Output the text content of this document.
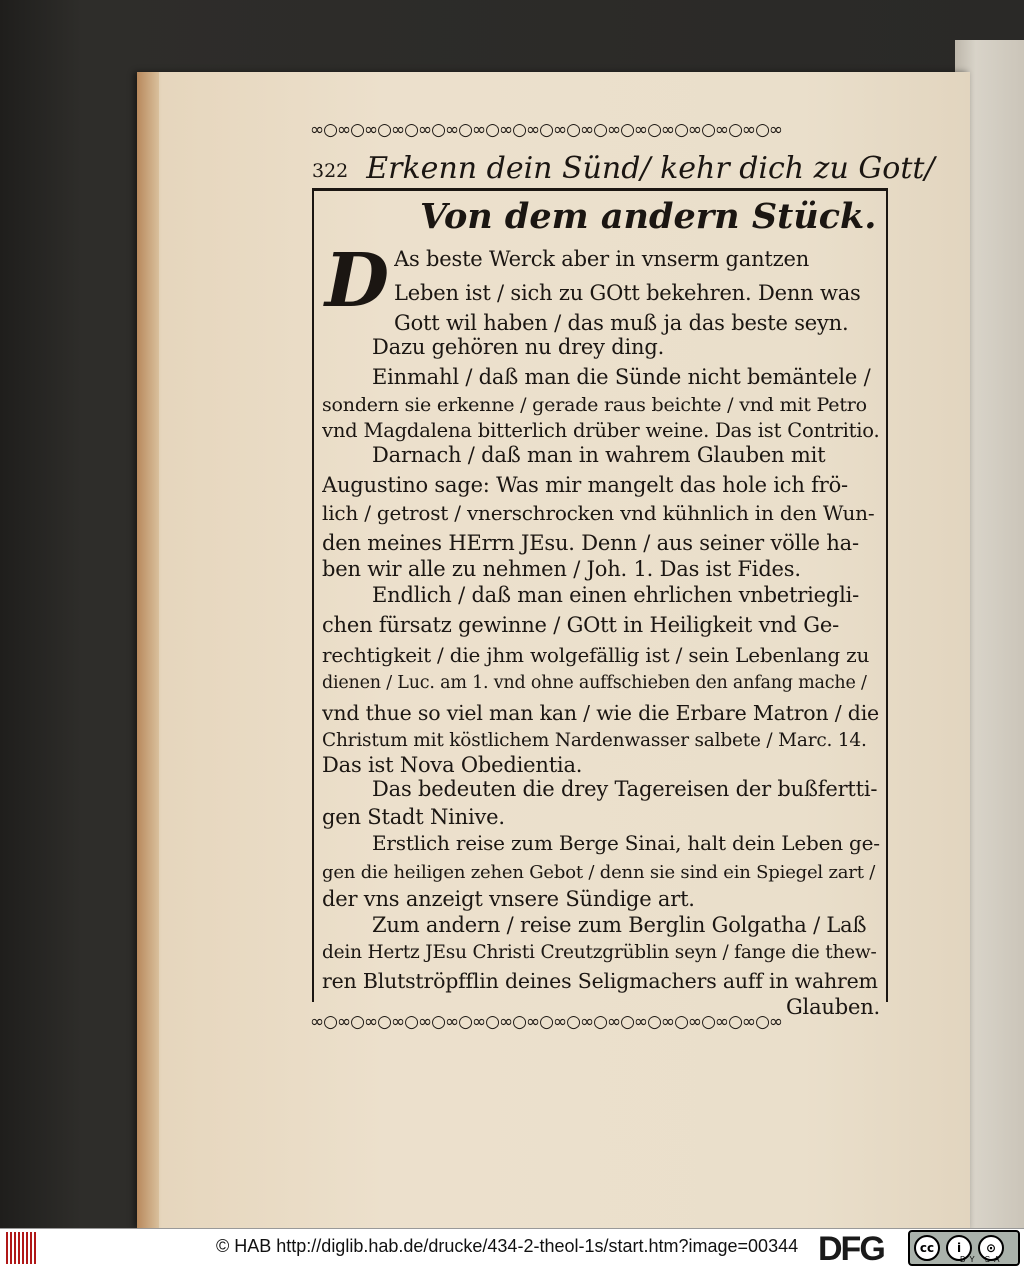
∞○∞○∞○∞○∞○∞○∞○∞○∞○∞○∞○∞○∞○∞○∞○∞○∞○∞
322 Erkenn dein Sünd/ kehr dich zu Gott/
Von dem andern Stück.
D As beste Werck aber in vnserm gantzen
Leben ist / sich zu GOtt bekehren. Denn was
Gott wil haben / das muß ja das beste seyn.
Dazu gehören nu drey ding.
Einmahl / daß man die Sünde nicht bemäntele /
sondern sie erkenne / gerade raus beichte / vnd mit Petro
vnd Magdalena bitterlich drüber weine. Das ist Contritio.
Darnach / daß man in wahrem Glauben mit
Augustino sage: Was mir mangelt das hole ich frö-
lich / getrost / vnerschrocken vnd kühnlich in den Wun-
den meines HErrn JEsu. Denn / aus seiner völle ha-
ben wir alle zu nehmen / Joh. 1. Das ist Fides.
Endlich / daß man einen ehrlichen vnbetriegli-
chen fürsatz gewinne / GOtt in Heiligkeit vnd Ge-
rechtigkeit / die jhm wolgefällig ist / sein Lebenlang zu
dienen / Luc. am 1. vnd ohne auffschieben den anfang mache /
vnd thue so viel man kan / wie die Erbare Matron / die
Christum mit köstlichem Nardenwasser salbete / Marc. 14.
Das ist Nova Obedientia.
Das bedeuten die drey Tagereisen der bußfertti-
gen Stadt Ninive.
Erstlich reise zum Berge Sinai, halt dein Leben ge-
gen die heiligen zehen Gebot / denn sie sind ein Spiegel zart /
der vns anzeigt vnsere Sündige art.
Zum andern / reise zum Berglin Golgatha / Laß
dein Hertz JEsu Christi Creutzgrüblin seyn / fange die thew-
ren Blutströpfflin deines Seligmachers auff in wahrem
Glauben.
∞○∞○∞○∞○∞○∞○∞○∞○∞○∞○∞○∞○∞○∞○∞○∞○∞○∞
© HAB http://diglib.hab.de/drucke/434-2-theol-1s/start.htm?image=00344 DFG	cc	i	⊙
BY SA
